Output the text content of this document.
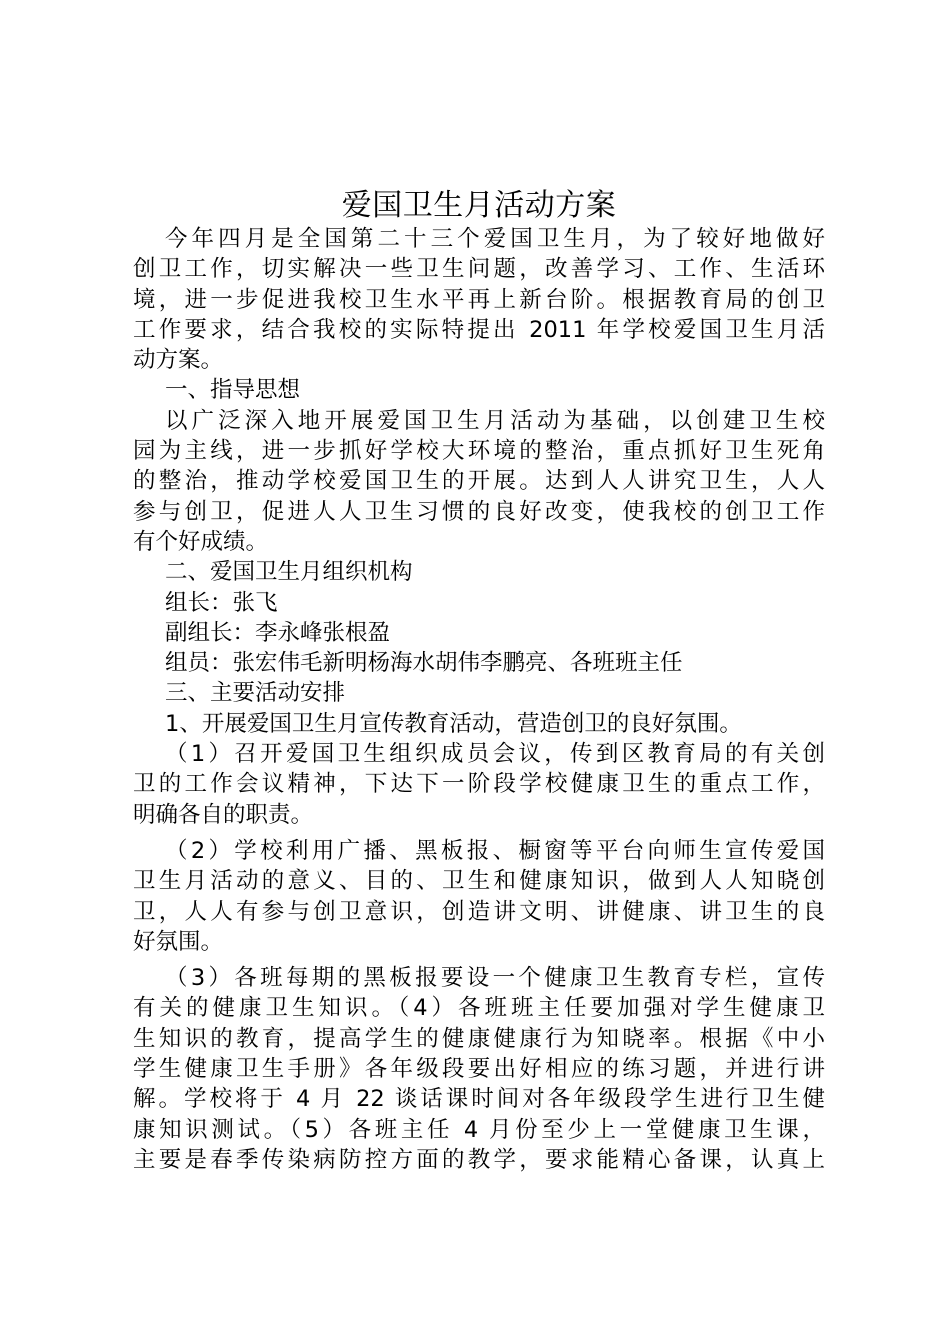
爱国卫生月活动方案
今年四月是全国第二十三个爱国卫生月，为了较好地做好
创卫工作，切实解决一些卫生问题，改善学习、工作、生活环
境，进一步促进我校卫生水平再上新台阶。根据教育局的创卫
工作要求，结合我校的实际特提出 2011 年学校爱国卫生月活
动方案。
一、指导思想
以广泛深入地开展爱国卫生月活动为基础，以创建卫生校
园为主线，进一步抓好学校大环境的整治，重点抓好卫生死角
的整治，推动学校爱国卫生的开展。达到人人讲究卫生，人人
参与创卫，促进人人卫生习惯的良好改变，使我校的创卫工作
有个好成绩。
二、爱国卫生月组织机构
组长：张飞
副组长：李永峰张根盈
组员：张宏伟毛新明杨海水胡伟李鹏亮、各班班主任
三、主要活动安排
1、开展爱国卫生月宣传教育活动，营造创卫的良好氛围。
（1）召开爱国卫生组织成员会议，传到区教育局的有关创
卫的工作会议精神，下达下一阶段学校健康卫生的重点工作，
明确各自的职责。
（2）学校利用广播、黑板报、橱窗等平台向师生宣传爱国
卫生月活动的意义、目的、卫生和健康知识，做到人人知晓创
卫，人人有参与创卫意识，创造讲文明、讲健康、讲卫生的良
好氛围。
（3）各班每期的黑板报要设一个健康卫生教育专栏，宣传
有关的健康卫生知识。（4）各班班主任要加强对学生健康卫
生知识的教育，提高学生的健康健康行为知晓率。根据《中小
学生健康卫生手册》各年级段要出好相应的练习题，并进行讲
解。学校将于 4 月 22 谈话课时间对各年级段学生进行卫生健
康知识测试。（5）各班主任 4 月份至少上一堂健康卫生课，
主要是春季传染病防控方面的教学，要求能精心备课，认真上
